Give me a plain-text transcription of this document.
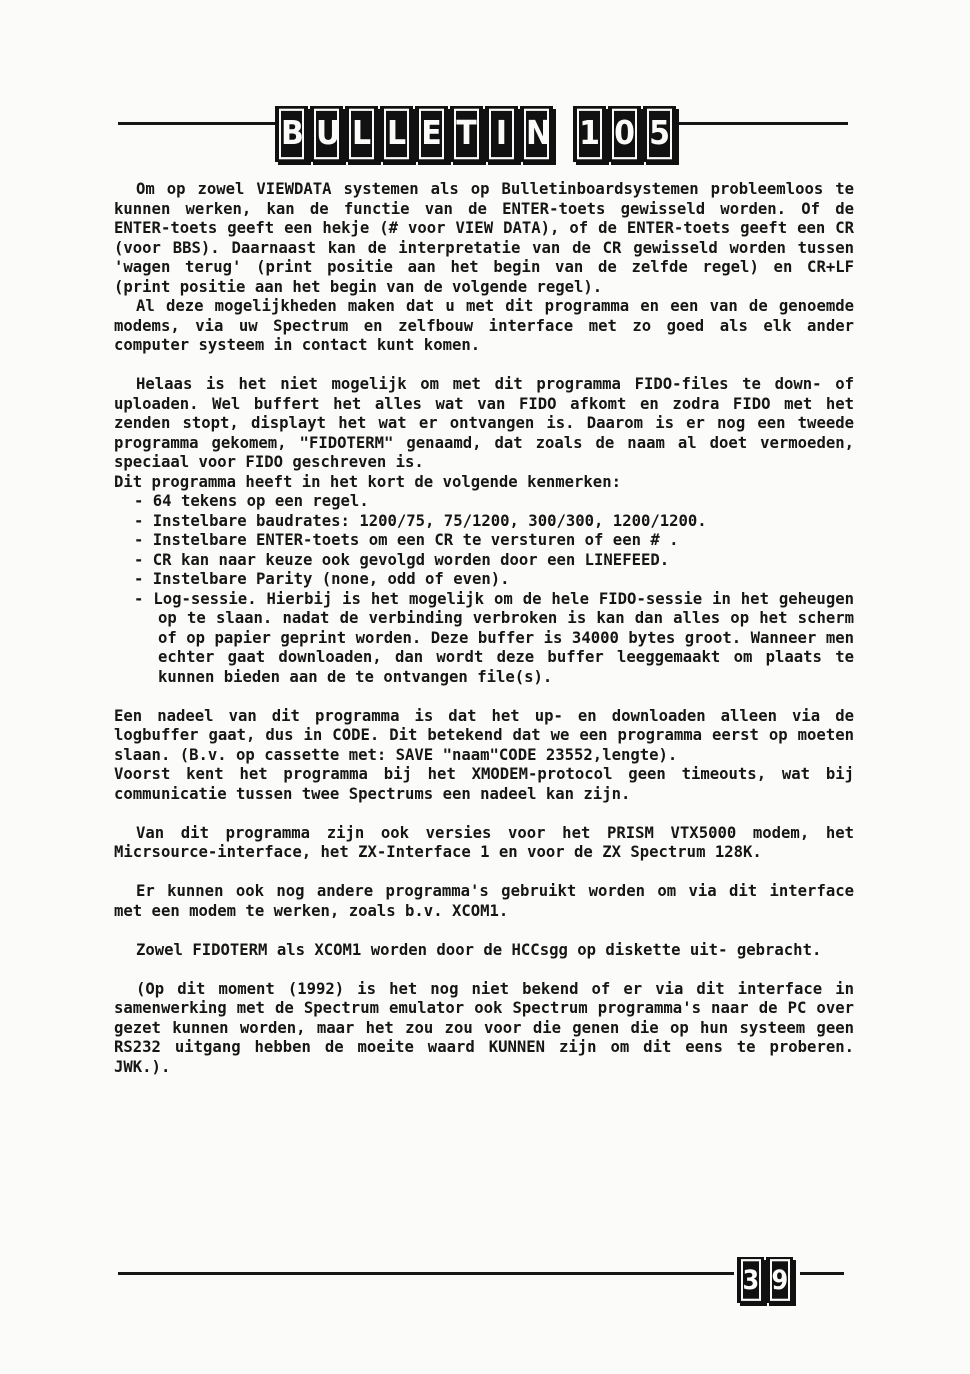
B U L L E T I N 1 0 5

Om op zowel VIEWDATA systemen als op Bulletinboardsystemen probleemloos te kunnen werken, kan de functie van de ENTER-toets gewisseld worden. Of de ENTER-toets geeft een hekje (# voor VIEW DATA), of de ENTER-toets geeft een CR (voor BBS). Daarnaast kan de interpretatie van de CR gewisseld worden tussen 'wagen terug' (print positie aan het begin van de zelfde regel) en CR+LF (print positie aan het begin van de volgende regel).

Al deze mogelijkheden maken dat u met dit programma en een van de genoemde modems, via uw Spectrum en zelfbouw interface met zo goed als elk ander computer systeem in contact kunt komen.

Helaas is het niet mogelijk om met dit programma FIDO-files te down- of uploaden. Wel buffert het alles wat van FIDO afkomt en zodra FIDO met het zenden stopt, displayt het wat er ontvangen is. Daarom is er nog een tweede programma gekomem, "FIDOTERM" genaamd, dat zoals de naam al doet vermoeden, speciaal voor FIDO geschreven is.

Dit programma heeft in het kort de volgende kenmerken:

- 64 tekens op een regel.
- Instelbare baudrates: 1200/75, 75/1200, 300/300, 1200/1200.
- Instelbare ENTER-toets om een CR te versturen of een # .
- CR kan naar keuze ook gevolgd worden door een LINEFEED.
- Instelbare Parity (none, odd of even).
- Log-sessie. Hierbij is het mogelijk om de hele FIDO-sessie in het geheugen op te slaan. nadat de verbinding verbroken is kan dan alles op het scherm of op papier geprint worden. Deze buffer is 34000 bytes groot. Wanneer men echter gaat downloaden, dan wordt deze buffer leeggemaakt om plaats te kunnen bieden aan de te ontvangen file(s).

Een nadeel van dit programma is dat het up- en downloaden alleen via de logbuffer gaat, dus in CODE. Dit betekend dat we een programma eerst op moeten slaan. (B.v. op cassette met: SAVE "naam"CODE 23552,lengte).

Voorst kent het programma bij het XMODEM-protocol geen timeouts, wat bij communicatie tussen twee Spectrums een nadeel kan zijn.

Van dit programma zijn ook versies voor het PRISM VTX5000 modem, het Micrsource-interface, het ZX-Interface 1 en voor de ZX Spectrum 128K.

Er kunnen ook nog andere programma's gebruikt worden om via dit interface met een modem te werken, zoals b.v. XCOM1.

Zowel FIDOTERM als XCOM1 worden door de HCCsgg op diskette uit- gebracht.

(Op dit moment (1992) is het nog niet bekend of er via dit interface in samenwerking met de Spectrum emulator ook Spectrum programma's naar de PC over gezet kunnen worden, maar het zou zou voor die genen die op hun systeem geen RS232 uitgang hebben de moeite waard KUNNEN zijn om dit eens te proberen. JWK.).

3 9
